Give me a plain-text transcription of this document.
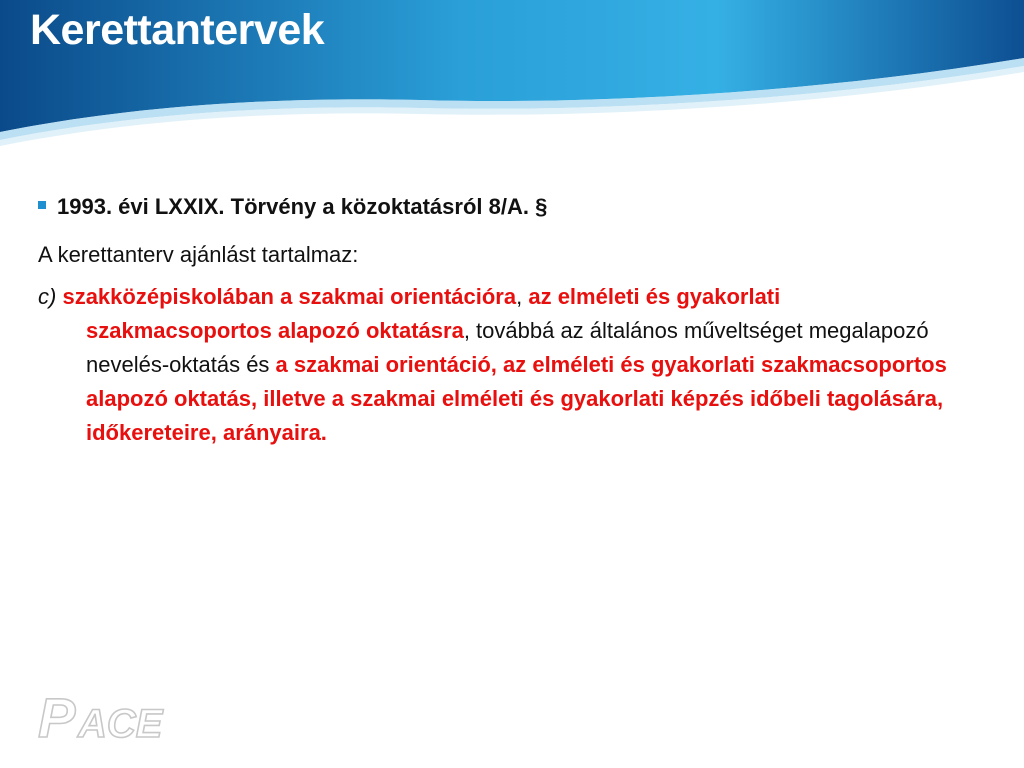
Kerettantervek
1993. évi LXXIX. Törvény a közoktatásról 8/A. §
A kerettanterv ajánlást tartalmaz:
c) szakközépiskolában a szakmai orientációra, az elméleti és gyakorlati szakmacsoportos alapozó oktatásra, továbbá az általános műveltséget megalapozó nevelés-oktatás és a szakmai orientáció, az elméleti és gyakorlati szakmacsoportos alapozó oktatás, illetve a szakmai elméleti és gyakorlati képzés időbeli tagolására, időkereteire, arányaira.
P ACE
